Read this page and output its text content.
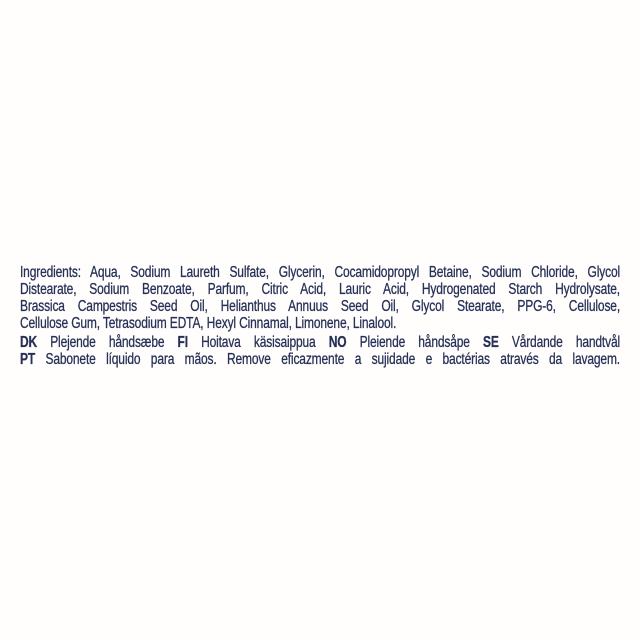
Ingredients: Aqua, Sodium Laureth Sulfate, Glycerin, Cocamidopropyl Betaine, Sodium Chloride, Glycol
Distearate, Sodium Benzoate, Parfum, Citric Acid, Lauric Acid, Hydrogenated Starch Hydrolysate,
Brassica Campestris Seed Oil, Helianthus Annuus Seed Oil, Glycol Stearate, PPG-6, Cellulose,
Cellulose Gum, Tetrasodium EDTA, Hexyl Cinnamal, Limonene, Linalool.
DK Plejende håndsæbe FI Hoitava käsisaippua NO Pleiende håndsåpe SE Vårdande handtvål
PT Sabonete líquido para mãos. Remove eficazmente a sujidade e bactérias através da lavagem.
